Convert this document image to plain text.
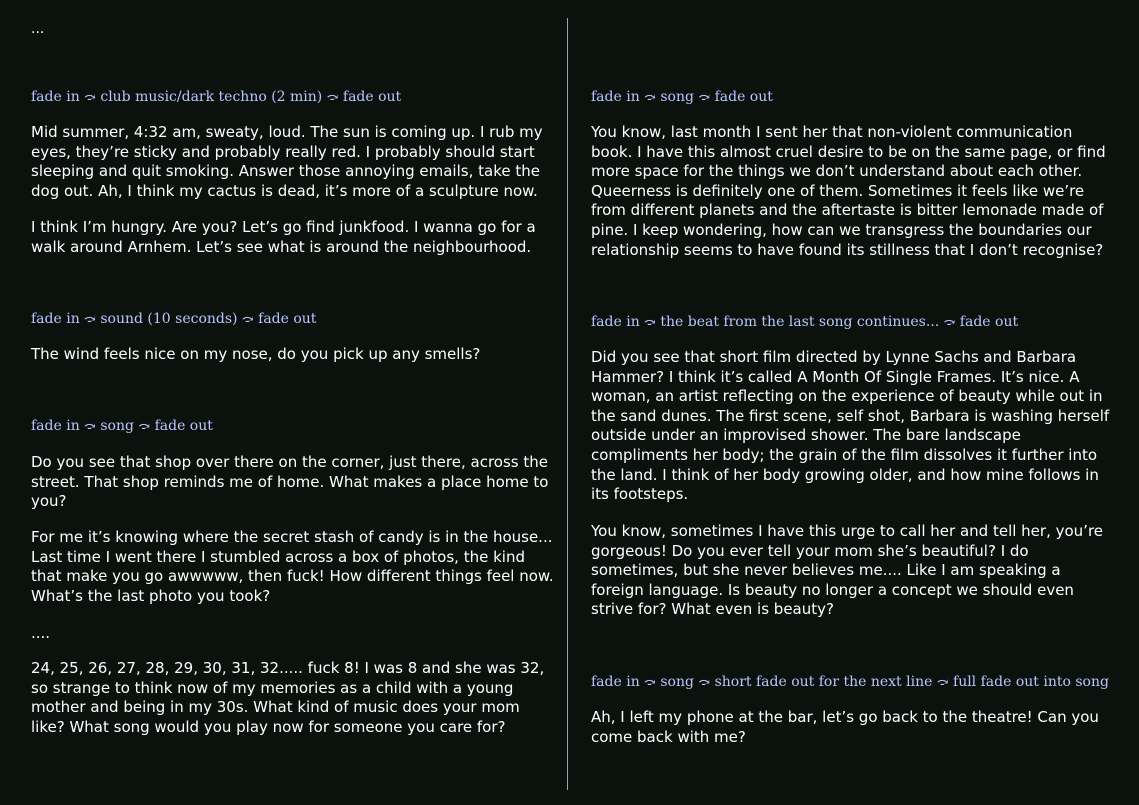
...
fade in ⤼ club music/dark techno (2 min) ⤼ fade out

Mid summer, 4:32 am, sweaty, loud. The sun is coming up. I rub my eyes, they’re sticky and probably really red. I probably should start sleeping and quit smoking. Answer those annoying emails, take the dog out. Ah, I think my cactus is dead, it’s more of a sculpture now.

I think I’m hungry. Are you? Let’s go find junkfood. I wanna go for a walk around Arnhem. Let’s see what is around the neighbourhood.

fade in ⤼ sound (10 seconds) ⤼ fade out

The wind feels nice on my nose, do you pick up any smells?

fade in ⤼ song ⤼ fade out

Do you see that shop over there on the corner, just there, across the street. That shop reminds me of home. What makes a place home to you?

For me it’s knowing where the secret stash of candy is in the house... Last time I went there I stumbled across a box of photos, the kind that make you go awwwww, then fuck! How different things feel now. What’s the last photo you took?

....

24, 25, 26, 27, 28, 29, 30, 31, 32..... fuck 8! I was 8 and she was 32, so strange to think now of my memories as a child with a young mother and being in my 30s. What kind of music does your mom like? What song would you play now for someone you care for?

fade in ⤼ song ⤼ fade out

You know, last month I sent her that non-violent communication book. I have this almost cruel desire to be on the same page, or find more space for the things we don’t understand about each other. Queerness is definitely one of them. Sometimes it feels like we’re from different planets and the aftertaste is bitter lemonade made of pine. I keep wondering, how can we transgress the boundaries our relationship seems to have found its stillness that I don’t recognise?

fade in ⤼ the beat from the last song continues... ⤼ fade out

Did you see that short film directed by Lynne Sachs and Barbara Hammer? I think it’s called A Month Of Single Frames. It’s nice. A woman, an artist reflecting on the experience of beauty while out in the sand dunes. The first scene, self shot, Barbara is washing herself outside under an improvised shower. The bare landscape compliments her body; the grain of the film dissolves it further into the land. I think of her body growing older, and how mine follows in its footsteps.

You know, sometimes I have this urge to call her and tell her, you’re gorgeous! Do you ever tell your mom she’s beautiful? I do sometimes, but she never believes me.... Like I am speaking a foreign language. Is beauty no longer a concept we should even strive for? What even is beauty?

fade in ⤼ song ⤼ short fade out for the next line ⤼ full fade out into song

Ah, I left my phone at the bar, let’s go back to the theatre! Can you come back with me?
